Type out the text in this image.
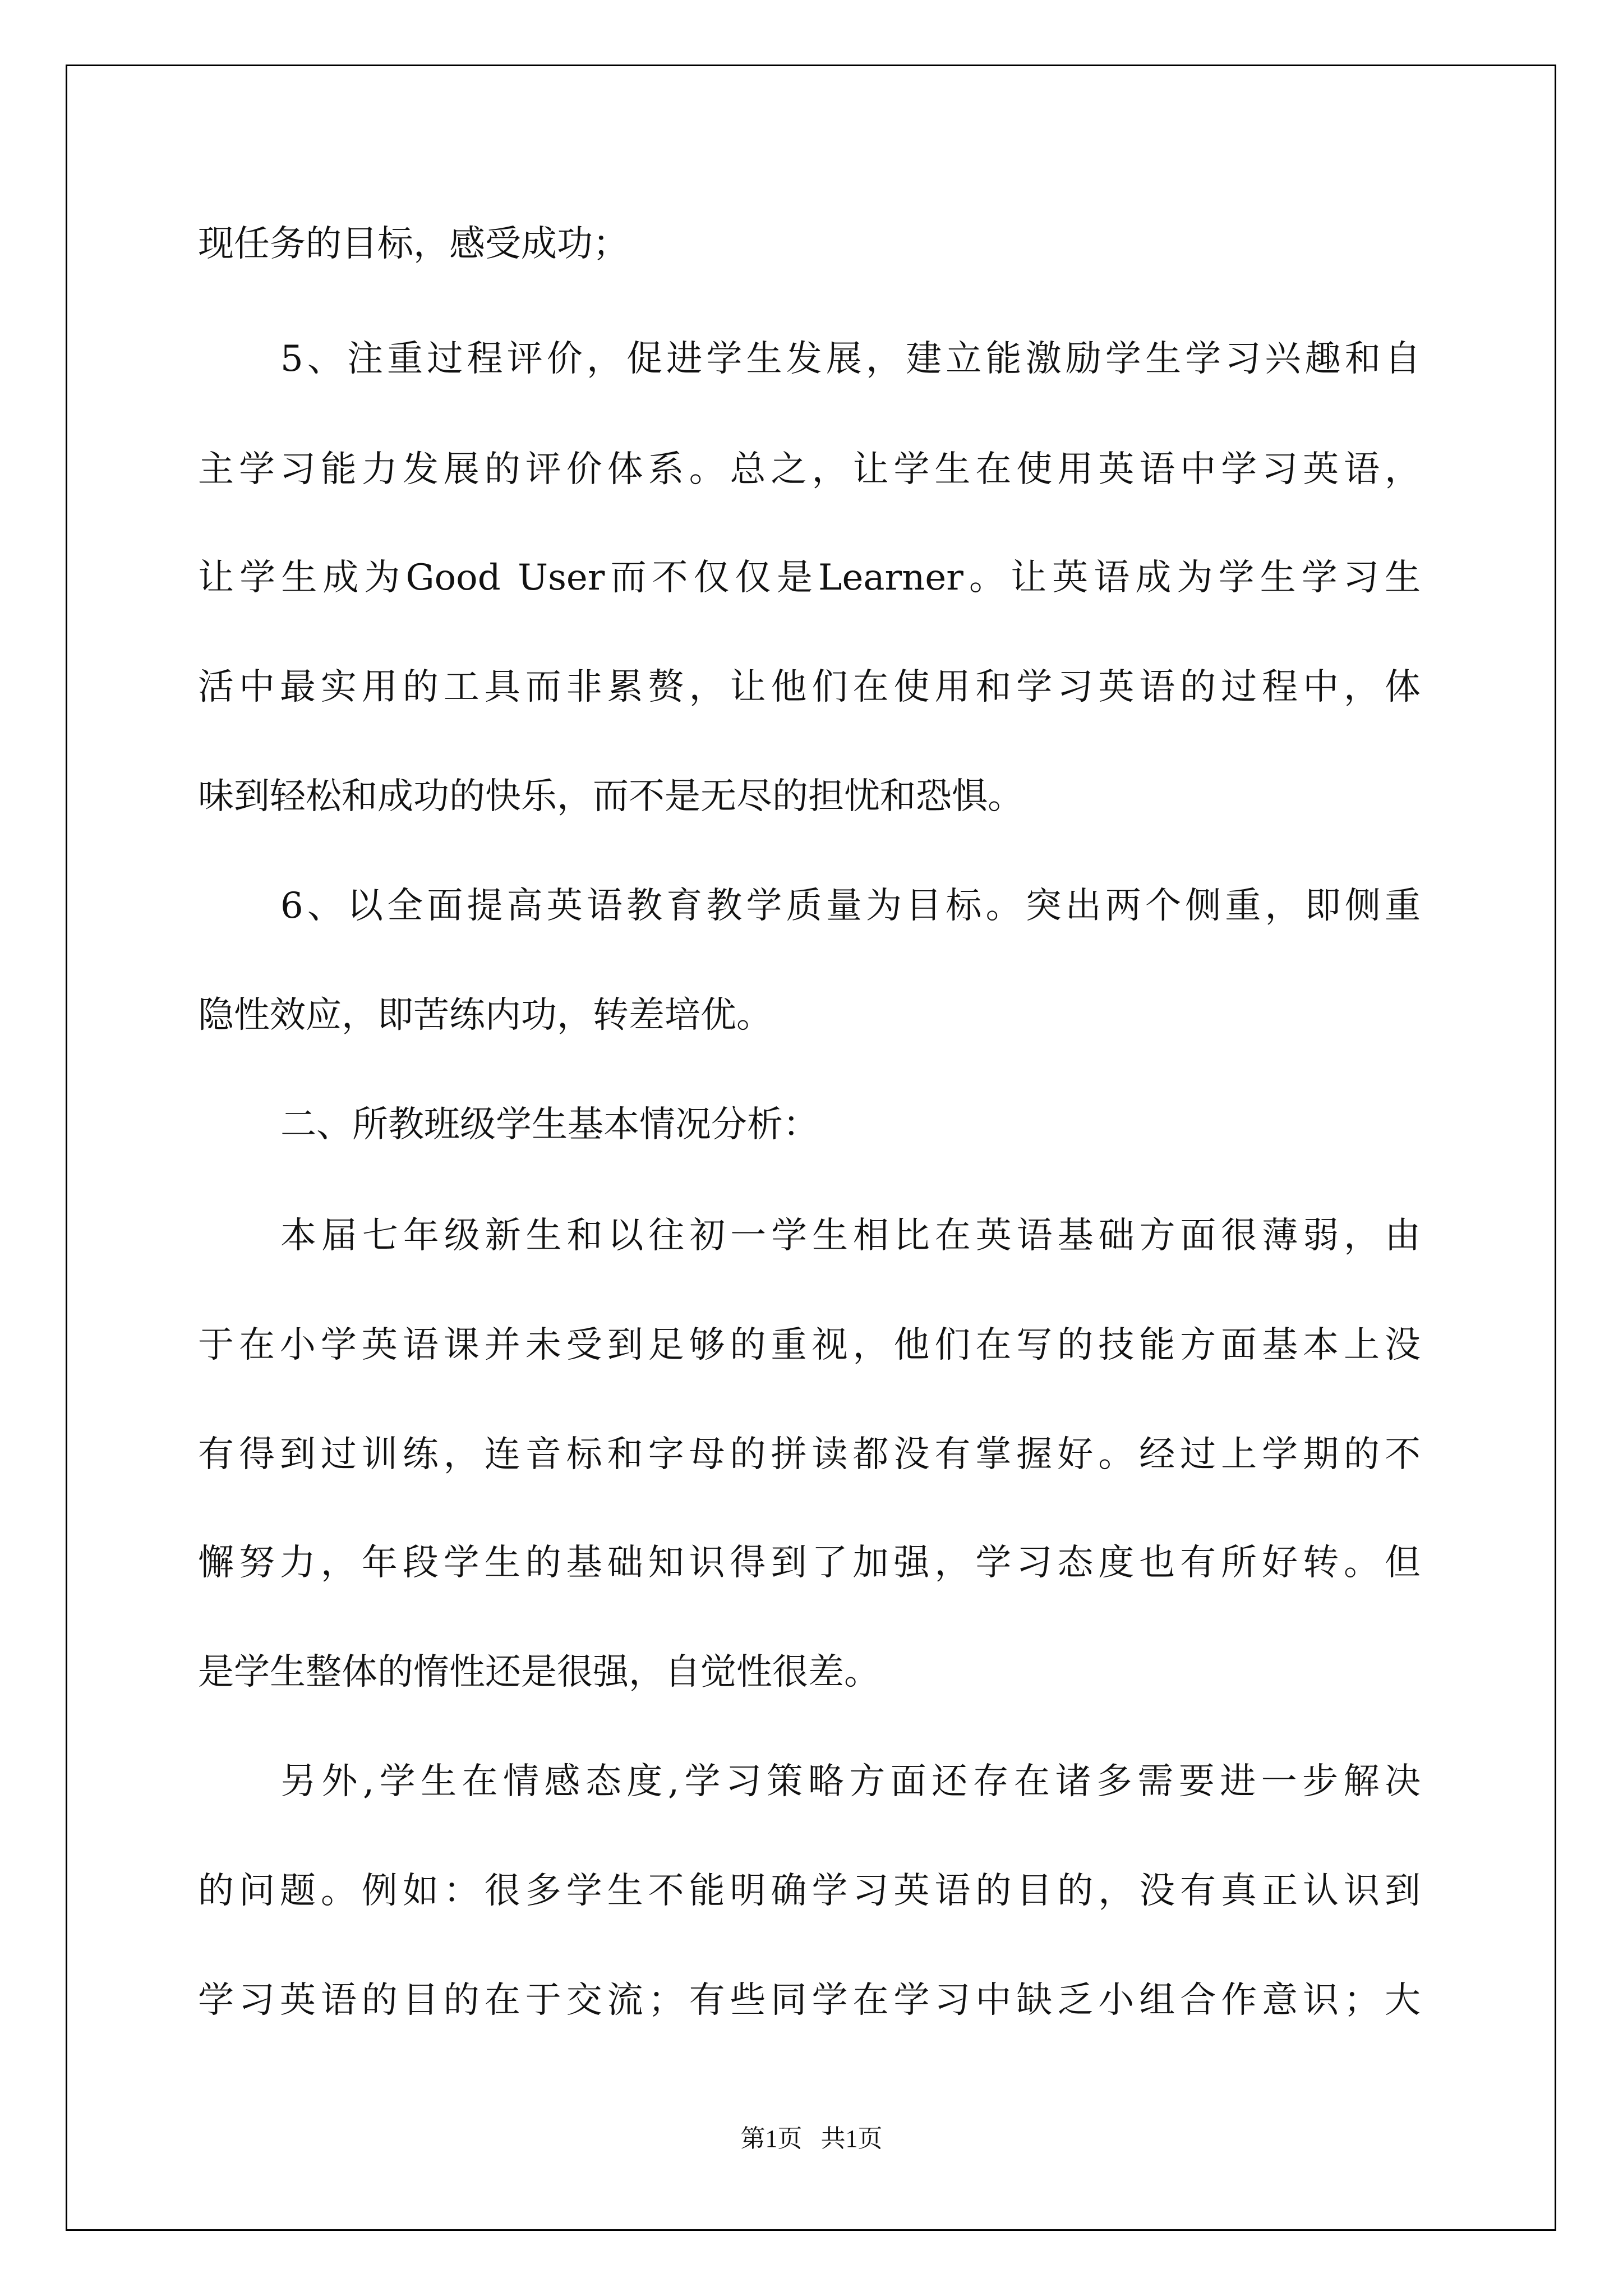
现任务的目标，感受成功；
5、注重过程评价，促进学生发展，建立能激励学生学习兴趣和自
主学习能力发展的评价体系。总之，让学生在使用英语中学习英语，
让学生成为Good User而不仅仅是Learner。让英语成为学生学习生
活中最实用的工具而非累赘，让他们在使用和学习英语的过程中，体
味到轻松和成功的快乐，而不是无尽的担忧和恐惧。
6、以全面提高英语教育教学质量为目标。突出两个侧重，即侧重
隐性效应，即苦练内功，转差培优。
二、所教班级学生基本情况分析：
本届七年级新生和以往初一学生相比在英语基础方面很薄弱，由
于在小学英语课并未受到足够的重视，他们在写的技能方面基本上没
有得到过训练，连音标和字母的拼读都没有掌握好。经过上学期的不
懈努力，年段学生的基础知识得到了加强，学习态度也有所好转。但
是学生整体的惰性还是很强，自觉性很差。
另外,学生在情感态度,学习策略方面还存在诸多需要进一步解决
的问题。例如：很多学生不能明确学习英语的目的，没有真正认识到
学习英语的目的在于交流；有些同学在学习中缺乏小组合作意识；大
第1页   共1页
